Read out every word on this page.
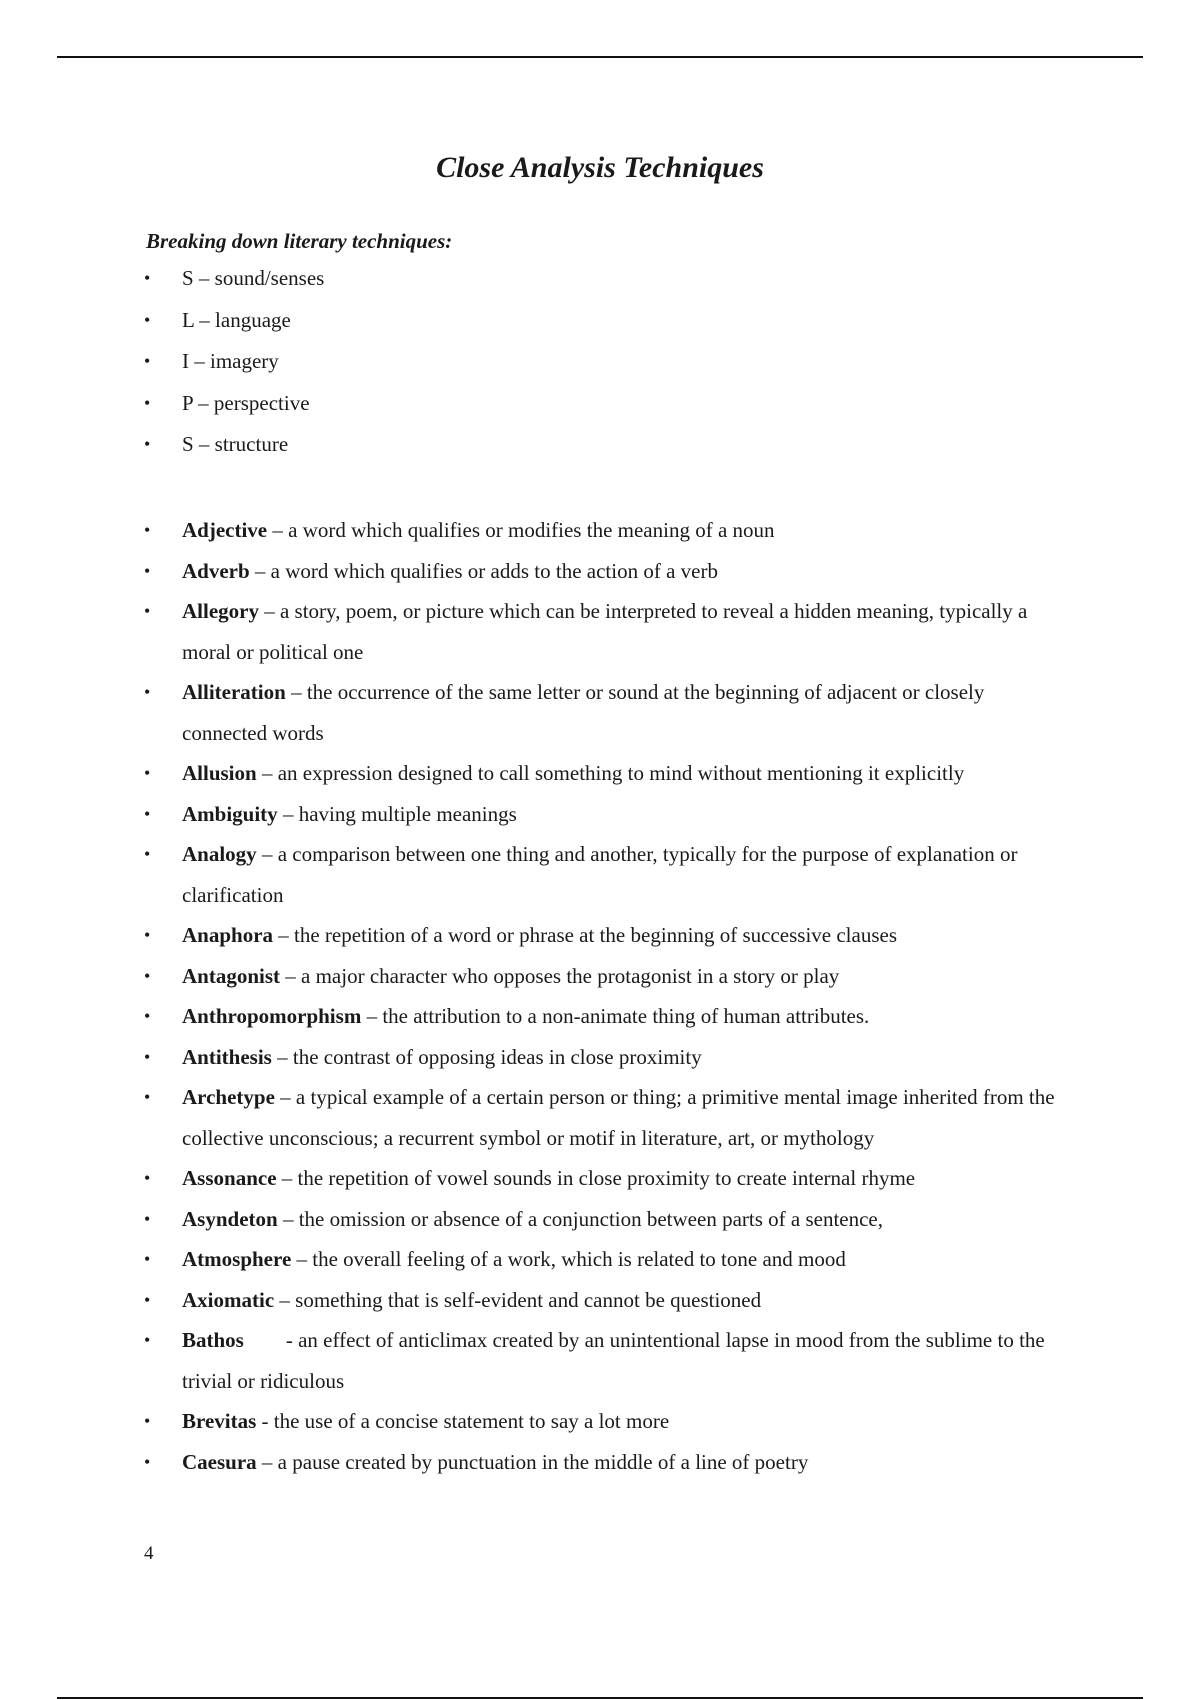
Close Analysis Techniques

Breaking down literary techniques:

• S – sound/senses
• L – language
• I – imagery
• P – perspective
• S – structure
• Adjective – a word which qualifies or modifies the meaning of a noun
• Adverb – a word which qualifies or adds to the action of a verb
• Allegory – a story, poem, or picture which can be interpreted to reveal a hidden meaning, typically a moral or political one
• Alliteration – the occurrence of the same letter or sound at the beginning of adjacent or closely connected words
• Allusion – an expression designed to call something to mind without mentioning it explicitly
• Ambiguity – having multiple meanings
• Analogy – a comparison between one thing and another, typically for the purpose of explanation or clarification
• Anaphora – the repetition of a word or phrase at the beginning of successive clauses
• Antagonist – a major character who opposes the protagonist in a story or play
• Anthropomorphism – the attribution to a non-animate thing of human attributes.
• Antithesis – the contrast of opposing ideas in close proximity
• Archetype – a typical example of a certain person or thing; a primitive mental image inherited from the collective unconscious; a recurrent symbol or motif in literature, art, or mythology
• Assonance – the repetition of vowel sounds in close proximity to create internal rhyme
• Asyndeton – the omission or absence of a conjunction between parts of a sentence,
• Atmosphere – the overall feeling of a work, which is related to tone and mood
• Axiomatic – something that is self-evident and cannot be questioned
• Bathos        - an effect of anticlimax created by an unintentional lapse in mood from the sublime to the trivial or ridiculous
• Brevitas - the use of a concise statement to say a lot more
• Caesura – a pause created by punctuation in the middle of a line of poetry

4
